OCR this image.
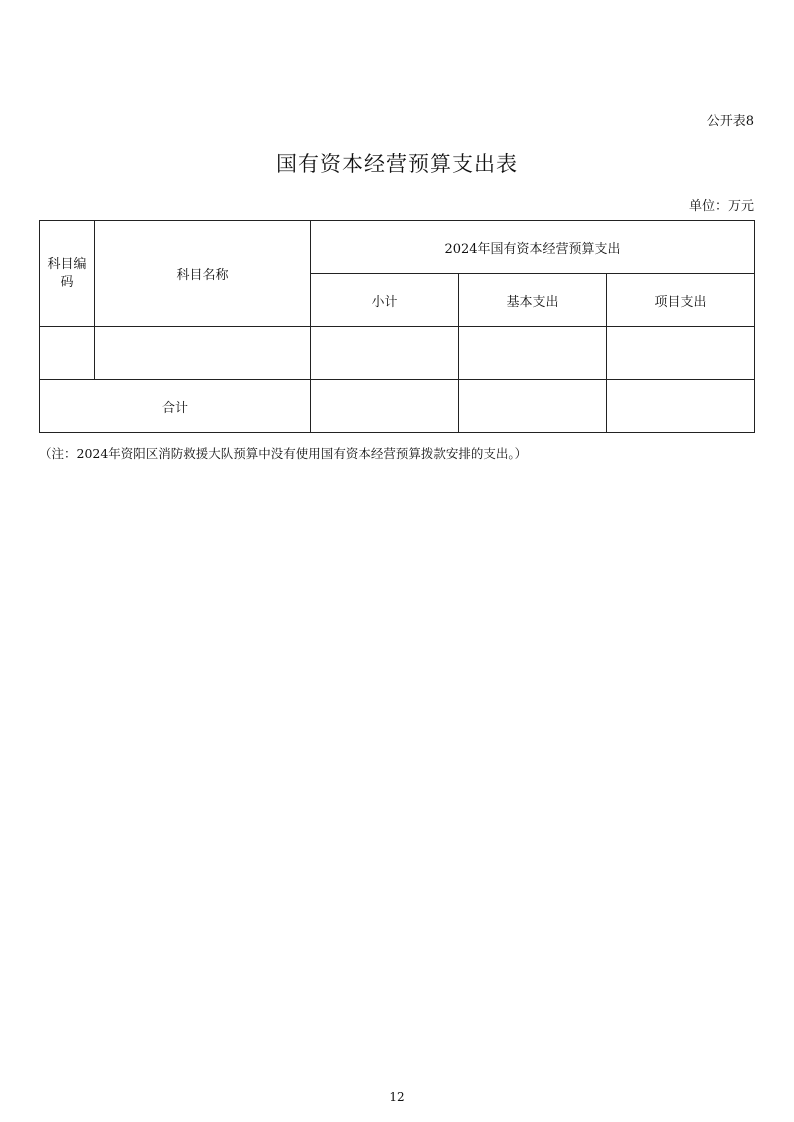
公开表8
国有资本经营预算支出表
单位：万元
科目编码	科目名称	2024年国有资本经营预算支出		
		小计	基本支出	项目支出

合计				
（注：2024年资阳区消防救援大队预算中没有使用国有资本经营预算拨款安排的支出。）
12
